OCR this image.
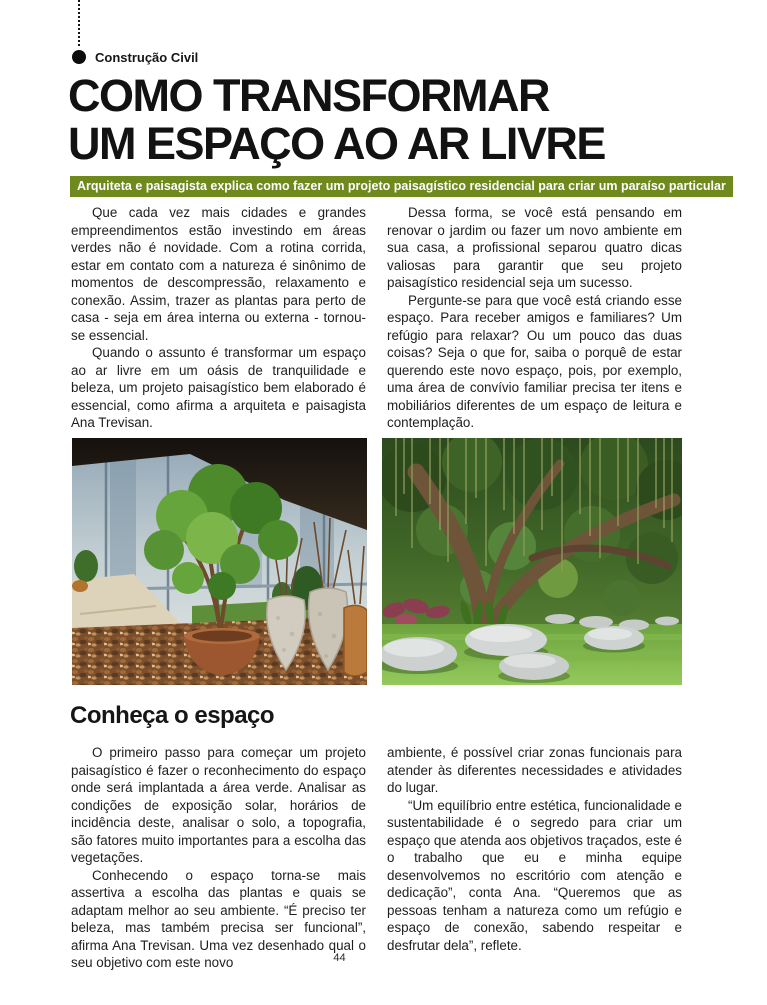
Construção Civil
COMO TRANSFORMAR
UM ESPAÇO AO AR LIVRE
Arquiteta e paisagista explica como fazer um projeto paisagístico residencial para criar um paraíso particular

Que cada vez mais cidades e grandes empreendimentos estão investindo em áreas verdes não é novidade. Com a rotina corrida, estar em contato com a natureza é sinônimo de momentos de descompressão, relaxamento e conexão. Assim, trazer as plantas para perto de casa - seja em área interna ou externa - tornou-se essencial.

Quando o assunto é transformar um espaço ao ar livre em um oásis de tranquilidade e beleza, um projeto paisagístico bem elaborado é essencial, como afirma a arquiteta e paisagista Ana Trevisan.

Dessa forma, se você está pensando em renovar o jardim ou fazer um novo ambiente em sua casa, a profissional separou quatro dicas valiosas para garantir que seu projeto paisagístico residencial seja um sucesso.

Pergunte-se para que você está criando esse espaço. Para receber amigos e familiares? Um refúgio para relaxar? Ou um pouco das duas coisas? Seja o que for, saiba o porquê de estar querendo este novo espaço, pois, por exemplo, uma área de convívio familiar precisa ter itens e mobiliários diferentes de um espaço de leitura e contemplação.

Conheça o espaço

O primeiro passo para começar um projeto paisagístico é fazer o reconhecimento do espaço onde será implantada a área verde. Analisar as condições de exposição solar, horários de incidência deste, analisar o solo, a topografia, são fatores muito importantes para a escolha das vegetações.

Conhecendo o espaço torna-se mais assertiva a escolha das plantas e quais se adaptam melhor ao seu ambiente. “É preciso ter beleza, mas também precisa ser funcional”, afirma Ana Trevisan. Uma vez desenhado qual o seu objetivo com este novo

ambiente, é possível criar zonas funcionais para atender às diferentes necessidades e atividades do lugar.

“Um equilíbrio entre estética, funcionalidade e sustentabilidade é o segredo para criar um espaço que atenda aos objetivos traçados, este é o trabalho que eu e minha equipe desenvolvemos no escritório com atenção e dedicação”, conta Ana. “Queremos que as pessoas tenham a natureza como um refúgio e espaço de conexão, sabendo respeitar e desfrutar dela”, reflete.

44
